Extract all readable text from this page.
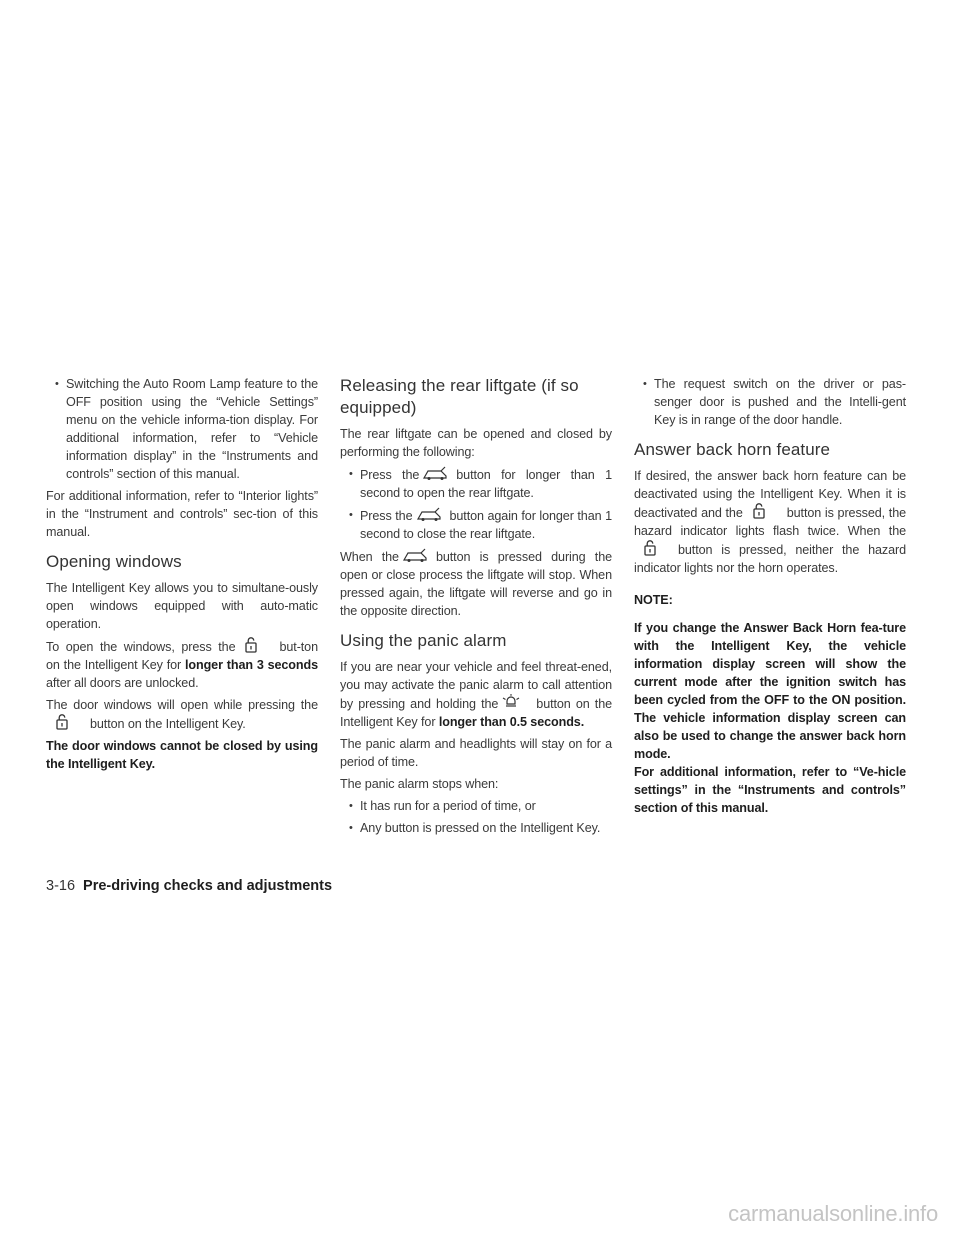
• Switching the Auto Room Lamp feature to the OFF position using the “Vehicle Settings” menu on the vehicle informa-tion display. For additional information, refer to “Vehicle information display” in the “Instruments and controls” section of this manual.

For additional information, refer to “Interior lights” in the “Instrument and controls” sec-tion of this manual.

Opening windows

The Intelligent Key allows you to simultane-ously open windows equipped with auto-matic operation.

To open the windows, press the	but-ton on the Intelligent Key for longer than 3 seconds after all doors are unlocked.

The door windows will open while pressing the
button on the Intelligent Key.

The door windows cannot be closed by using the Intelligent Key.

Releasing the rear liftgate (if so equipped)

The rear liftgate can be opened and closed by performing the following:

• Press the	button for longer than 1 second to open the rear liftgate.

• Press the	button again for longer than 1 second to close the rear liftgate.

When the	button is pressed during the open or close process the liftgate will stop. When pressed again, the liftgate will reverse and go in the opposite direction.

Using the panic alarm

If you are near your vehicle and feel threat-ened, you may activate the panic alarm to call attention by pressing and holding the	button on the Intelligent Key for longer than 0.5 seconds.

The panic alarm and headlights will stay on for a period of time.

The panic alarm stops when:

• It has run for a period of time, or

• Any button is pressed on the Intelligent Key.

• The request switch on the driver or pas-senger door is pushed and the Intelli-gent Key is in range of the door handle.

Answer back horn feature

If desired, the answer back horn feature can be deactivated using the Intelligent Key. When it is deactivated and the	button is pressed, the hazard indicator lights flash twice. When the
button is pressed, neither the hazard indicator lights nor the horn operates.

NOTE:

If you change the Answer Back Horn fea-ture with the Intelligent Key, the vehicle information display screen will show the current mode after the ignition switch has been cycled from the OFF to the ON position. The vehicle information display screen can also be used to change the answer back horn mode.

For additional information, refer to “Ve-hicle settings” in the “Instruments and controls” section of this manual.

3-16 Pre-driving checks and adjustments
carmanualsonline.info
